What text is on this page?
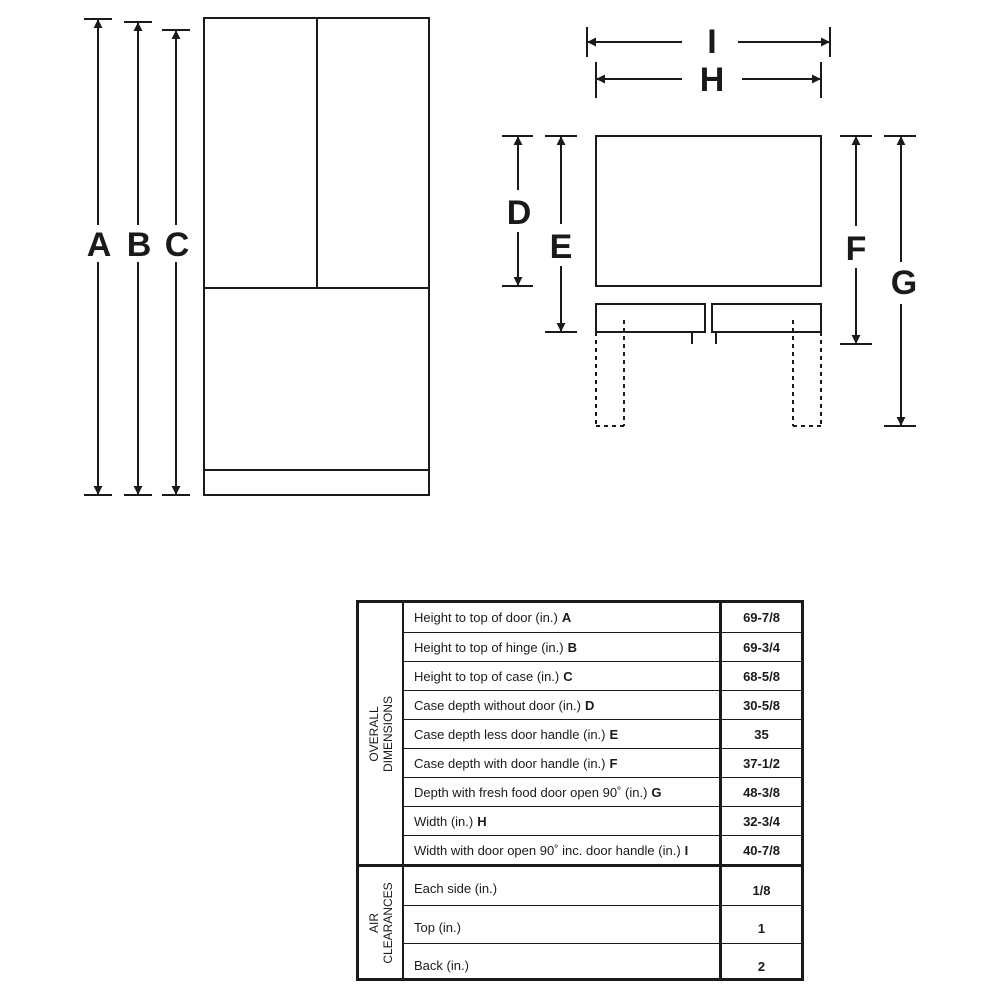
A B C
I
H
D
E	F
G
OVERALL DIMENSIONS
Height to top of door (in.) A	69-7/8
Height to top of hinge (in.) B	69-3/4
Height to top of case (in.) C	68-5/8
Case depth without door (in.) D	30-5/8
Case depth less door handle (in.) E	35
Case depth with door handle (in.) F	37-1/2
Depth with fresh food door open 90˚ (in.) G	48-3/8
Width (in.) H	32-3/4
Width with door open 90˚ inc. door handle (in.) I	40-7/8
AIR CLEARANCES Each side (in.)	1/8
Top (in.)	1
Back (in.)	2
